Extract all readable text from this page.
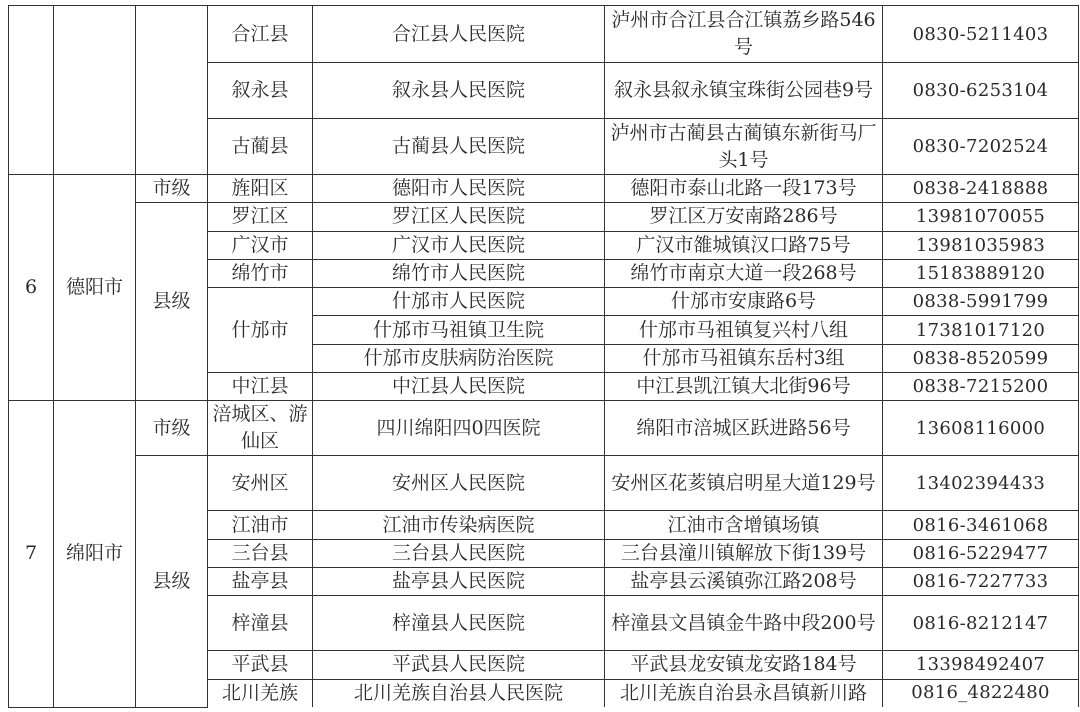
			合江县	合江县人民医院	泸州市合江县合江镇荔乡路546号	0830-5211403
			叙永县	叙永县人民医院	叙永县叙永镇宝珠街公园巷9号	0830-6253104
			古蔺县	古蔺县人民医院	泸州市古蔺县古蔺镇东新街马厂头1号	0830-7202524
6	德阳市	市级	旌阳区	德阳市人民医院	德阳市泰山北路一段173号	0838-2418888
		县级	罗江区	罗江区人民医院	罗江区万安南路286号	13981070055
			广汉市	广汉市人民医院	广汉市雒城镇汉口路75号	13981035983
			绵竹市	绵竹市人民医院	绵竹市南京大道一段268号	15183889120
			什邡市	什邡市人民医院	什邡市安康路6号	0838-5991799
				什邡市马祖镇卫生院	什邡市马祖镇复兴村八组	17381017120
				什邡市皮肤病防治医院	什邡市马祖镇东岳村3组	0838-8520599
			中江县	中江县人民医院	中江县凯江镇大北街96号	0838-7215200
7	绵阳市	市级	涪城区、游仙区	四川绵阳四0四医院	绵阳市涪城区跃进路56号	13608116000
		县级	安州区	安州区人民医院	安州区花荄镇启明星大道129号	13402394433
			江油市	江油市传染病医院	江油市含增镇场镇	0816-3461068
			三台县	三台县人民医院	三台县潼川镇解放下街139号	0816-5229477
			盐亭县	盐亭县人民医院	盐亭县云溪镇弥江路208号	0816-7227733
			梓潼县	梓潼县人民医院	梓潼县文昌镇金牛路中段200号	0816-8212147
			平武县	平武县人民医院	平武县龙安镇龙安路184号	13398492407
			北川羌族	北川羌族自治县人民医院	北川羌族自治县永昌镇新川路	0816_4822480
